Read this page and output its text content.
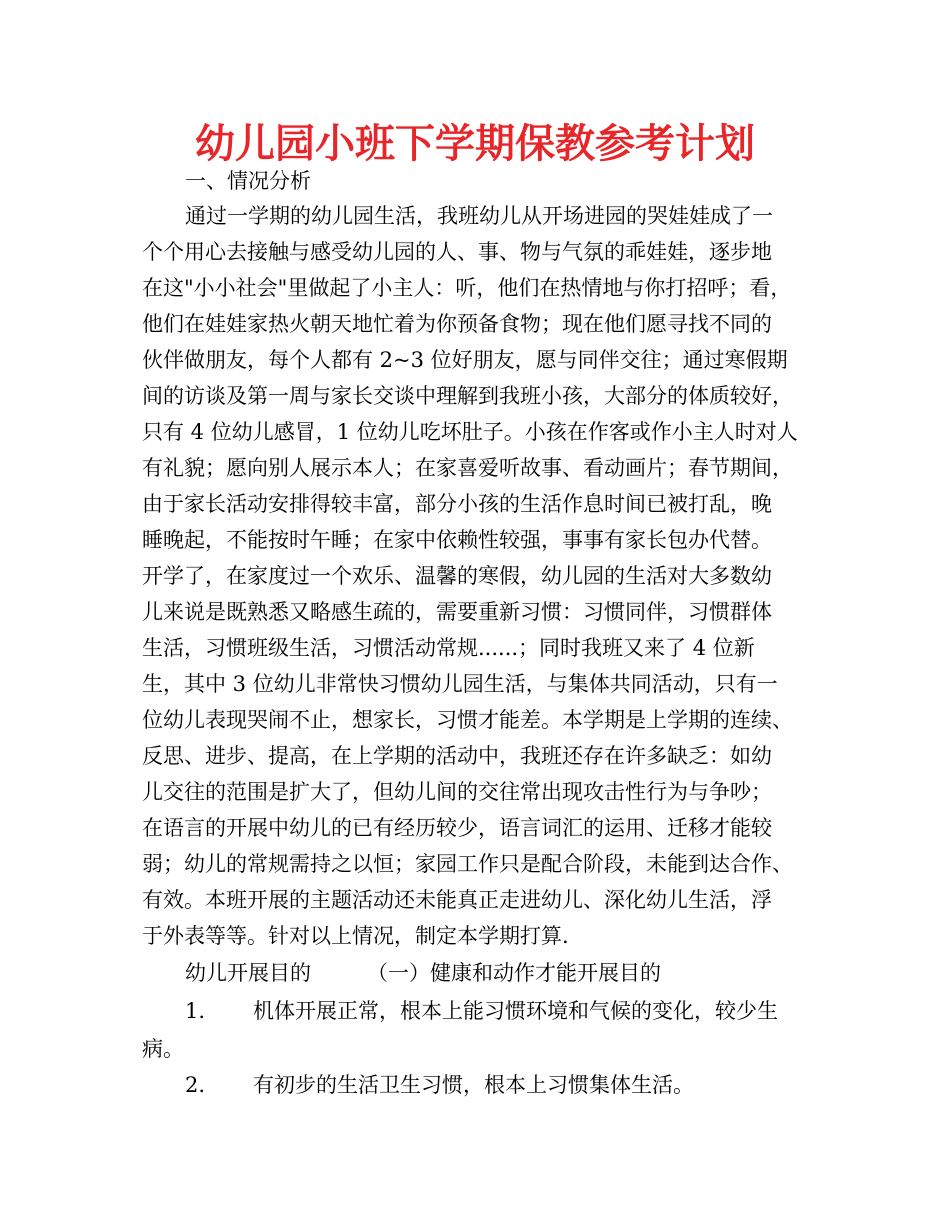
幼儿园小班下学期保教参考计划

一、情况分析

通过一学期的幼儿园生活，我班幼儿从开场进园的哭娃娃成了一

个个用心去接触与感受幼儿园的人、事、物与气氛的乖娃娃，逐步地

在这"小小社会"里做起了小主人：听，他们在热情地与你打招呼；看，

他们在娃娃家热火朝天地忙着为你预备食物；现在他们愿寻找不同的

伙伴做朋友，每个人都有 2~3 位好朋友，愿与同伴交往；通过寒假期

间的访谈及第一周与家长交谈中理解到我班小孩，大部分的体质较好，

只有 4 位幼儿感冒，1 位幼儿吃坏肚子。小孩在作客或作小主人时对人

有礼貌；愿向别人展示本人；在家喜爱听故事、看动画片；春节期间，

由于家长活动安排得较丰富，部分小孩的生活作息时间已被打乱，晚

睡晚起，不能按时午睡；在家中依赖性较强，事事有家长包办代替。

开学了，在家度过一个欢乐、温馨的寒假，幼儿园的生活对大多数幼

儿来说是既熟悉又略感生疏的，需要重新习惯：习惯同伴，习惯群体

生活，习惯班级生活，习惯活动常规......；同时我班又来了 4 位新

生，其中 3 位幼儿非常快习惯幼儿园生活，与集体共同活动，只有一

位幼儿表现哭闹不止，想家长，习惯才能差。本学期是上学期的连续、

反思、进步、提高，在上学期的活动中，我班还存在许多缺乏：如幼

儿交往的范围是扩大了，但幼儿间的交往常出现攻击性行为与争吵；

在语言的开展中幼儿的已有经历较少，语言词汇的运用、迁移才能较

弱；幼儿的常规需持之以恒；家园工作只是配合阶段，未能到达合作、

有效。本班开展的主题活动还未能真正走进幼儿、深化幼儿生活，浮

于外表等等。针对以上情况，制定本学期打算.

幼儿开展目的	（一）健康和动作才能开展目的

1. 机体开展正常，根本上能习惯环境和气候的变化，较少生

病。

2. 有初步的生活卫生习惯，根本上习惯集体生活。
